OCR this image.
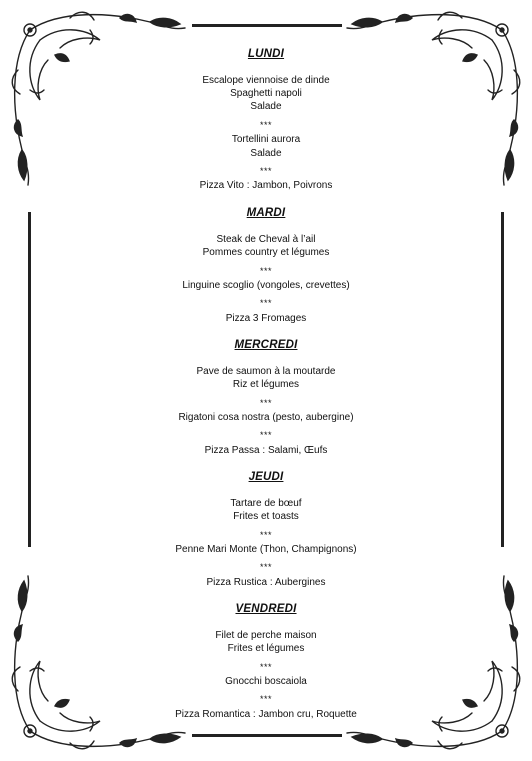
LUNDI
Escalope viennoise de dinde
Spaghetti napoli
Salade
***
Tortellini aurora
Salade
***
Pizza Vito : Jambon, Poivrons
MARDI
Steak de Cheval à l’ail
Pommes country et légumes
***
Linguine scoglio (vongoles, crevettes)
***
Pizza 3 Fromages
MERCREDI
Pave de saumon à la moutarde
Riz et légumes
***
Rigatoni cosa nostra (pesto, aubergine)
***
Pizza Passa : Salami, Œufs
JEUDI
Tartare de bœuf
Frites et toasts
***
Penne Mari Monte (Thon, Champignons)
***
Pizza Rustica : Aubergines
VENDREDI
Filet de perche maison
Frites et légumes
***
Gnocchi boscaiola
***
Pizza Romantica : Jambon cru, Roquette
